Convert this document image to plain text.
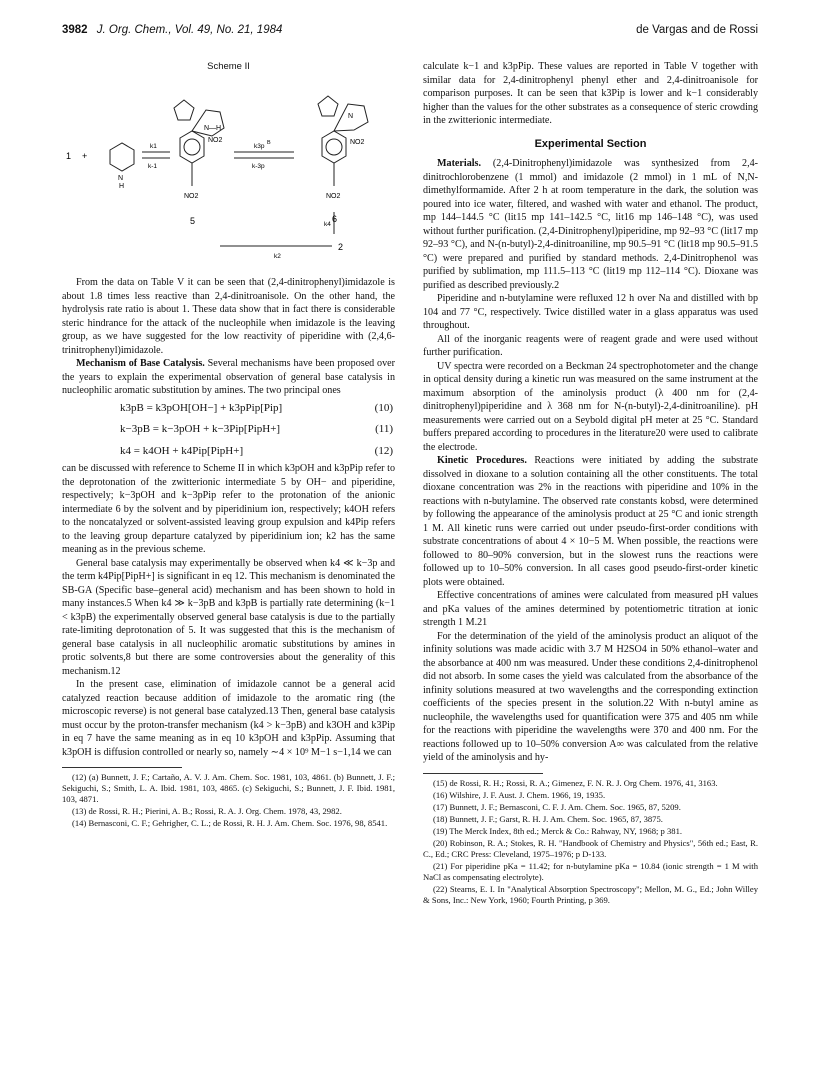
3982 J. Org. Chem., Vol. 49, No. 21, 1984	de Vargas and de Rossi
Scheme II
1 +
5	6
2
k1
k-1
k3p B
k-3p
k4
k2
N
H
N—H
N
NO2	NO2
NO2	NO2

From the data on Table V it can be seen that (2,4-dinitrophenyl)imidazole is about 1.8 times less reactive than 2,4-dinitroanisole. On the other hand, the hydrolysis rate ratio is about 1. These data show that in fact there is considerable steric hindrance for the attack of the nucleophile when imidazole is the leaving group, as we have suggested for the low reactivity of piperidine with (2,4,6-trinitrophenyl)imidazole.

Mechanism of Base Catalysis. Several mechanisms have been proposed over the years to explain the experimental observation of general base catalysis in nucleophilic aromatic substitution by amines. The two principal ones

k3pB = k3pOH[OH−] + k3pPip[Pip]	(10)
k−3pB = k−3pOH + k−3Pip[PipH+]	(11)
k4 = k4OH + k4Pip[PipH+]	(12)

can be discussed with reference to Scheme II in which k3pOH and k3pPip refer to the deprotonation of the zwitterionic intermediate 5 by OH− and piperidine, respectively; k−3pOH and k−3pPip refer to the protonation of the anionic intermediate 6 by the solvent and by piperidinium ion, respectively; k4OH refers to the noncatalyzed or solvent-assisted leaving group expulsion and k4Pip refers to the leaving group departure catalyzed by piperidinium ion; k2 has the same meaning as in the previous scheme.

General base catalysis may experimentally be observed when k4 ≪ k−3p and the term k4Pip[PipH+] is significant in eq 12. This mechanism is denominated the SB-GA (Specific base–general acid) mechanism and has been shown to hold in many instances.5 When k4 ≫ k−3pB and k3pB is partially rate determining (k−1 < k3pB) the experimentally observed general base catalysis is due to the partially rate-limiting deprotonation of 5. It was suggested that this is the mechanism of general base catalysis in all nucleophilic aromatic substitutions by amines in protic solvents,8 but there are some controversies about the generality of this mechanism.12

In the present case, elimination of imidazole cannot be a general acid catalyzed reaction because addition of imidazole to the aromatic ring (the microscopic reverse) is not general base catalyzed.13 Then, general base catalysis must occur by the proton-transfer mechanism (k4 > k−3pB) and k3OH and k3Pip in eq 7 have the same meaning as in eq 10 k3pOH and k3pPip. Assuming that k3pOH is diffusion controlled or nearly so, namely ∼4 × 10⁹ M−1 s−1,14 we can

(12) (a) Bunnett, J. F.; Cartaño, A. V. J. Am. Chem. Soc. 1981, 103, 4861. (b) Bunnett, J. F.; Sekiguchi, S.; Smith, L. A. Ibid. 1981, 103, 4865. (c) Sekiguchi, S.; Bunnett, J. F. Ibid. 1981, 103, 4871.

(13) de Rossi, R. H.; Pierini, A. B.; Rossi, R. A. J. Org. Chem. 1978, 43, 2982.

(14) Bernasconi, C. F.; Gehrigher, C. L.; de Rossi, R. H. J. Am. Chem. Soc. 1976, 98, 8541.

calculate k−1 and k3pPip. These values are reported in Table V together with similar data for 2,4-dinitrophenyl phenyl ether and 2,4-dinitroanisole for comparison purposes. It can be seen that k3Pip is lower and k−1 considerably higher than the values for the other substrates as a consequence of steric crowding in the zwitterionic intermediate.

Experimental Section

Materials. (2,4-Dinitrophenyl)imidazole was synthesized from 2,4-dinitrochlorobenzene (1 mmol) and imidazole (2 mmol) in 1 mL of N,N-dimethylformamide. After 2 h at room temperature in the dark, the solution was poured into ice water, filtered, and washed with water and ethanol. The product, mp 144–144.5 °C (lit15 mp 141–142.5 °C, lit16 mp 146–148 °C), was used without further purification. (2,4-Dinitrophenyl)piperidine, mp 92–93 °C (lit17 mp 92–93 °C), and N-(n-butyl)-2,4-dinitroaniline, mp 90.5–91 °C (lit18 mp 90.5–91.5 °C) were prepared and purified by standard methods. 2,4-Dinitrophenol was purified by sublimation, mp 111.5–113 °C (lit19 mp 112–114 °C). Dioxane was purified as described previously.2

Piperidine and n-butylamine were refluxed 12 h over Na and distilled with bp 104 and 77 °C, respectively. Twice distilled water in a glass apparatus was used throughout.

All of the inorganic reagents were of reagent grade and were used without further purification.

UV spectra were recorded on a Beckman 24 spectrophotometer and the change in optical density during a kinetic run was measured on the same instrument at the maximum absorption of the aminolysis product (λ 400 nm for (2,4-dinitrophenyl)piperidine and λ 368 nm for N-(n-butyl)-2,4-dinitroaniline). pH measurements were carried out on a Seybold digital pH meter at 25 °C. Standard buffers prepared according to procedures in the literature20 were used to calibrate the electrode.

Kinetic Procedures. Reactions were initiated by adding the substrate dissolved in dioxane to a solution containing all the other constituents. The total dioxane concentration was 2% in the reactions with piperidine and 10% in the reactions with n-butylamine. The observed rate constants kobsd, were determined by following the appearance of the aminolysis product at 25 °C and ionic strength 1 M. All kinetic runs were carried out under pseudo-first-order conditions with substrate concentrations of about 4 × 10−5 M. When possible, the reactions were followed to 80–90% conversion, but in the slowest runs the reactions were followed up to 10–50% conversion. In all cases good pseudo-first-order kinetic plots were obtained.

Effective concentrations of amines were calculated from measured pH values and pKa values of the amines determined by potentiometric titration at ionic strength 1 M.21

For the determination of the yield of the aminolysis product an aliquot of the infinity solutions was made acidic with 3.7 M H2SO4 in 50% ethanol–water and the absorbance at 400 nm was measured. Under these conditions 2,4-dinitrophenol did not absorb. In some cases the yield was calculated from the absorbance of the infinity solutions measured at two wavelengths and the corresponding extinction coefficients of the species present in the solution.22 With n-butyl amine as nucleophile, the wavelengths used for quantification were 375 and 405 nm while for the reactions with piperidine the wavelengths were 370 and 400 nm. For the reactions followed up to 10–50% conversion A∞ was calculated from the relative yield of the aminolysis and hy-

(15) de Rossi, R. H.; Rossi, R. A.; Gimenez, F. N. R. J. Org Chem. 1976, 41, 3163.

(16) Wilshire, J. F. Aust. J. Chem. 1966, 19, 1935.

(17) Bunnett, J. F.; Bernasconi, C. F. J. Am. Chem. Soc. 1965, 87, 5209.

(18) Bunnett, J. F.; Garst, R. H. J. Am. Chem. Soc. 1965, 87, 3875.

(19) The Merck Index, 8th ed.; Merck & Co.: Rahway, NY, 1968; p 381.

(20) Robinson, R. A.; Stokes, R. H. "Handbook of Chemistry and Physics", 56th ed.; East, R. C., Ed.; CRC Press: Cleveland, 1975–1976; p D-133.

(21) For piperidine pKa = 11.42; for n-butylamine pKa = 10.84 (ionic strength = 1 M with NaCl as compensating electrolyte).

(22) Stearns, E. I. In "Analytical Absorption Spectroscopy"; Mellon, M. G., Ed.; John Willey & Sons, Inc.: New York, 1960; Fourth Printing, p 369.
